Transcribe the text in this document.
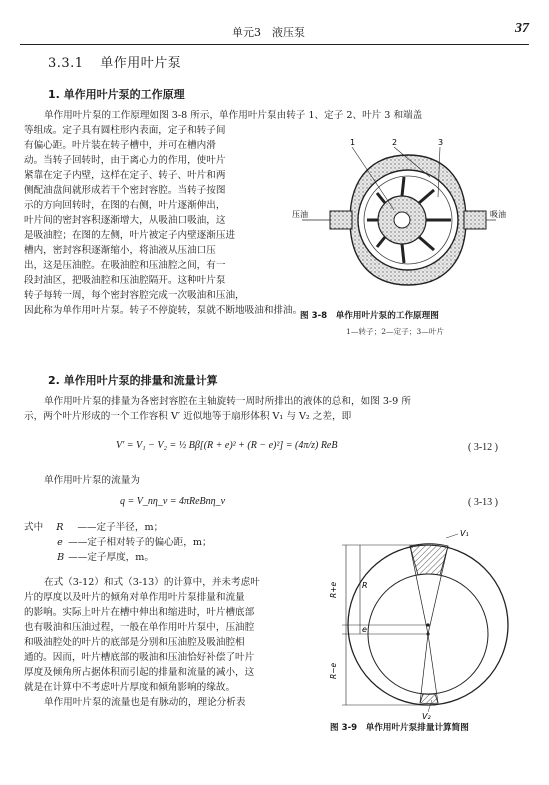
单元3　液压泵	37
3.3.1 单作用叶片泵
1. 单作用叶片泵的工作原理
单作用叶片泵的工作原理如图 3-8 所示，单作用叶片泵由转子 1、定子 2、叶片 3 和端盖
等组成。定子具有圆柱形内表面，定子和转子间
有偏心距。叶片装在转子槽中，并可在槽内滑
动。当转子回转时，由于离心力的作用，使叶片
紧靠在定子内壁，这样在定子、转子、叶片和两
侧配油盘间就形成若干个密封容腔。当转子按图
示的方向回转时，在图的右侧，叶片逐渐伸出，
叶片间的密封容积逐渐增大，从吸油口吸油，这
是吸油腔；在图的左侧，叶片被定子内壁逐渐压进
槽内，密封容积逐渐缩小，将油液从压油口压
出，这是压油腔。在吸油腔和压油腔之间，有一
段封油区，把吸油腔和压油腔隔开。这种叶片泵
转子每转一周，每个密封容腔完成一次吸油和压油，
因此称为单作用叶片泵。转子不停旋转，泵就不断地吸油和排油。
1	2	3
压油	吸油
图 3-8　单作用叶片泵的工作原理图
1—转子；2—定子；3—叶片
2. 单作用叶片泵的排量和流量计算
单作用叶片泵的排量为各密封容腔在主轴旋转一周时所排出的液体的总和，如图 3-9 所
示，两个叶片形成的一个工作容积 V′ 近似地等于扇形体积 V₁ 与 V₂ 之差，即
V′ = V₁ − V₂ = ½ Bβ[(R + e)² + (R − e)²] = (4π/z) ReB	( 3-12 )
单作用叶片泵的流量为
q = V_nη_v = 4πReBnη_v	( 3-13 )
式中 R ——定子半径，m；
e ——定子相对转子的偏心距，m；
B ——定子厚度，m。
在式（3-12）和式（3-13）的计算中，并未考虑叶
片的厚度以及叶片的倾角对单作用叶片泵排量和流量
的影响。实际上叶片在槽中伸出和缩进时，叶片槽底部
也有吸油和压油过程，一般在单作用叶片泵中，压油腔
和吸油腔处的叶片的底部是分别和压油腔及吸油腔相
通的。因而，叶片槽底部的吸油和压油恰好补偿了叶片
厚度及倾角所占据体积而引起的排量和流量的减小，这
就是在计算中不考虑叶片厚度和倾角影响的缘故。
单作用叶片泵的流量也是有脉动的，理论分析表
V₁
V₂
R+e	R
e
R−e
图 3-9　单作用叶片泵排量计算简图
